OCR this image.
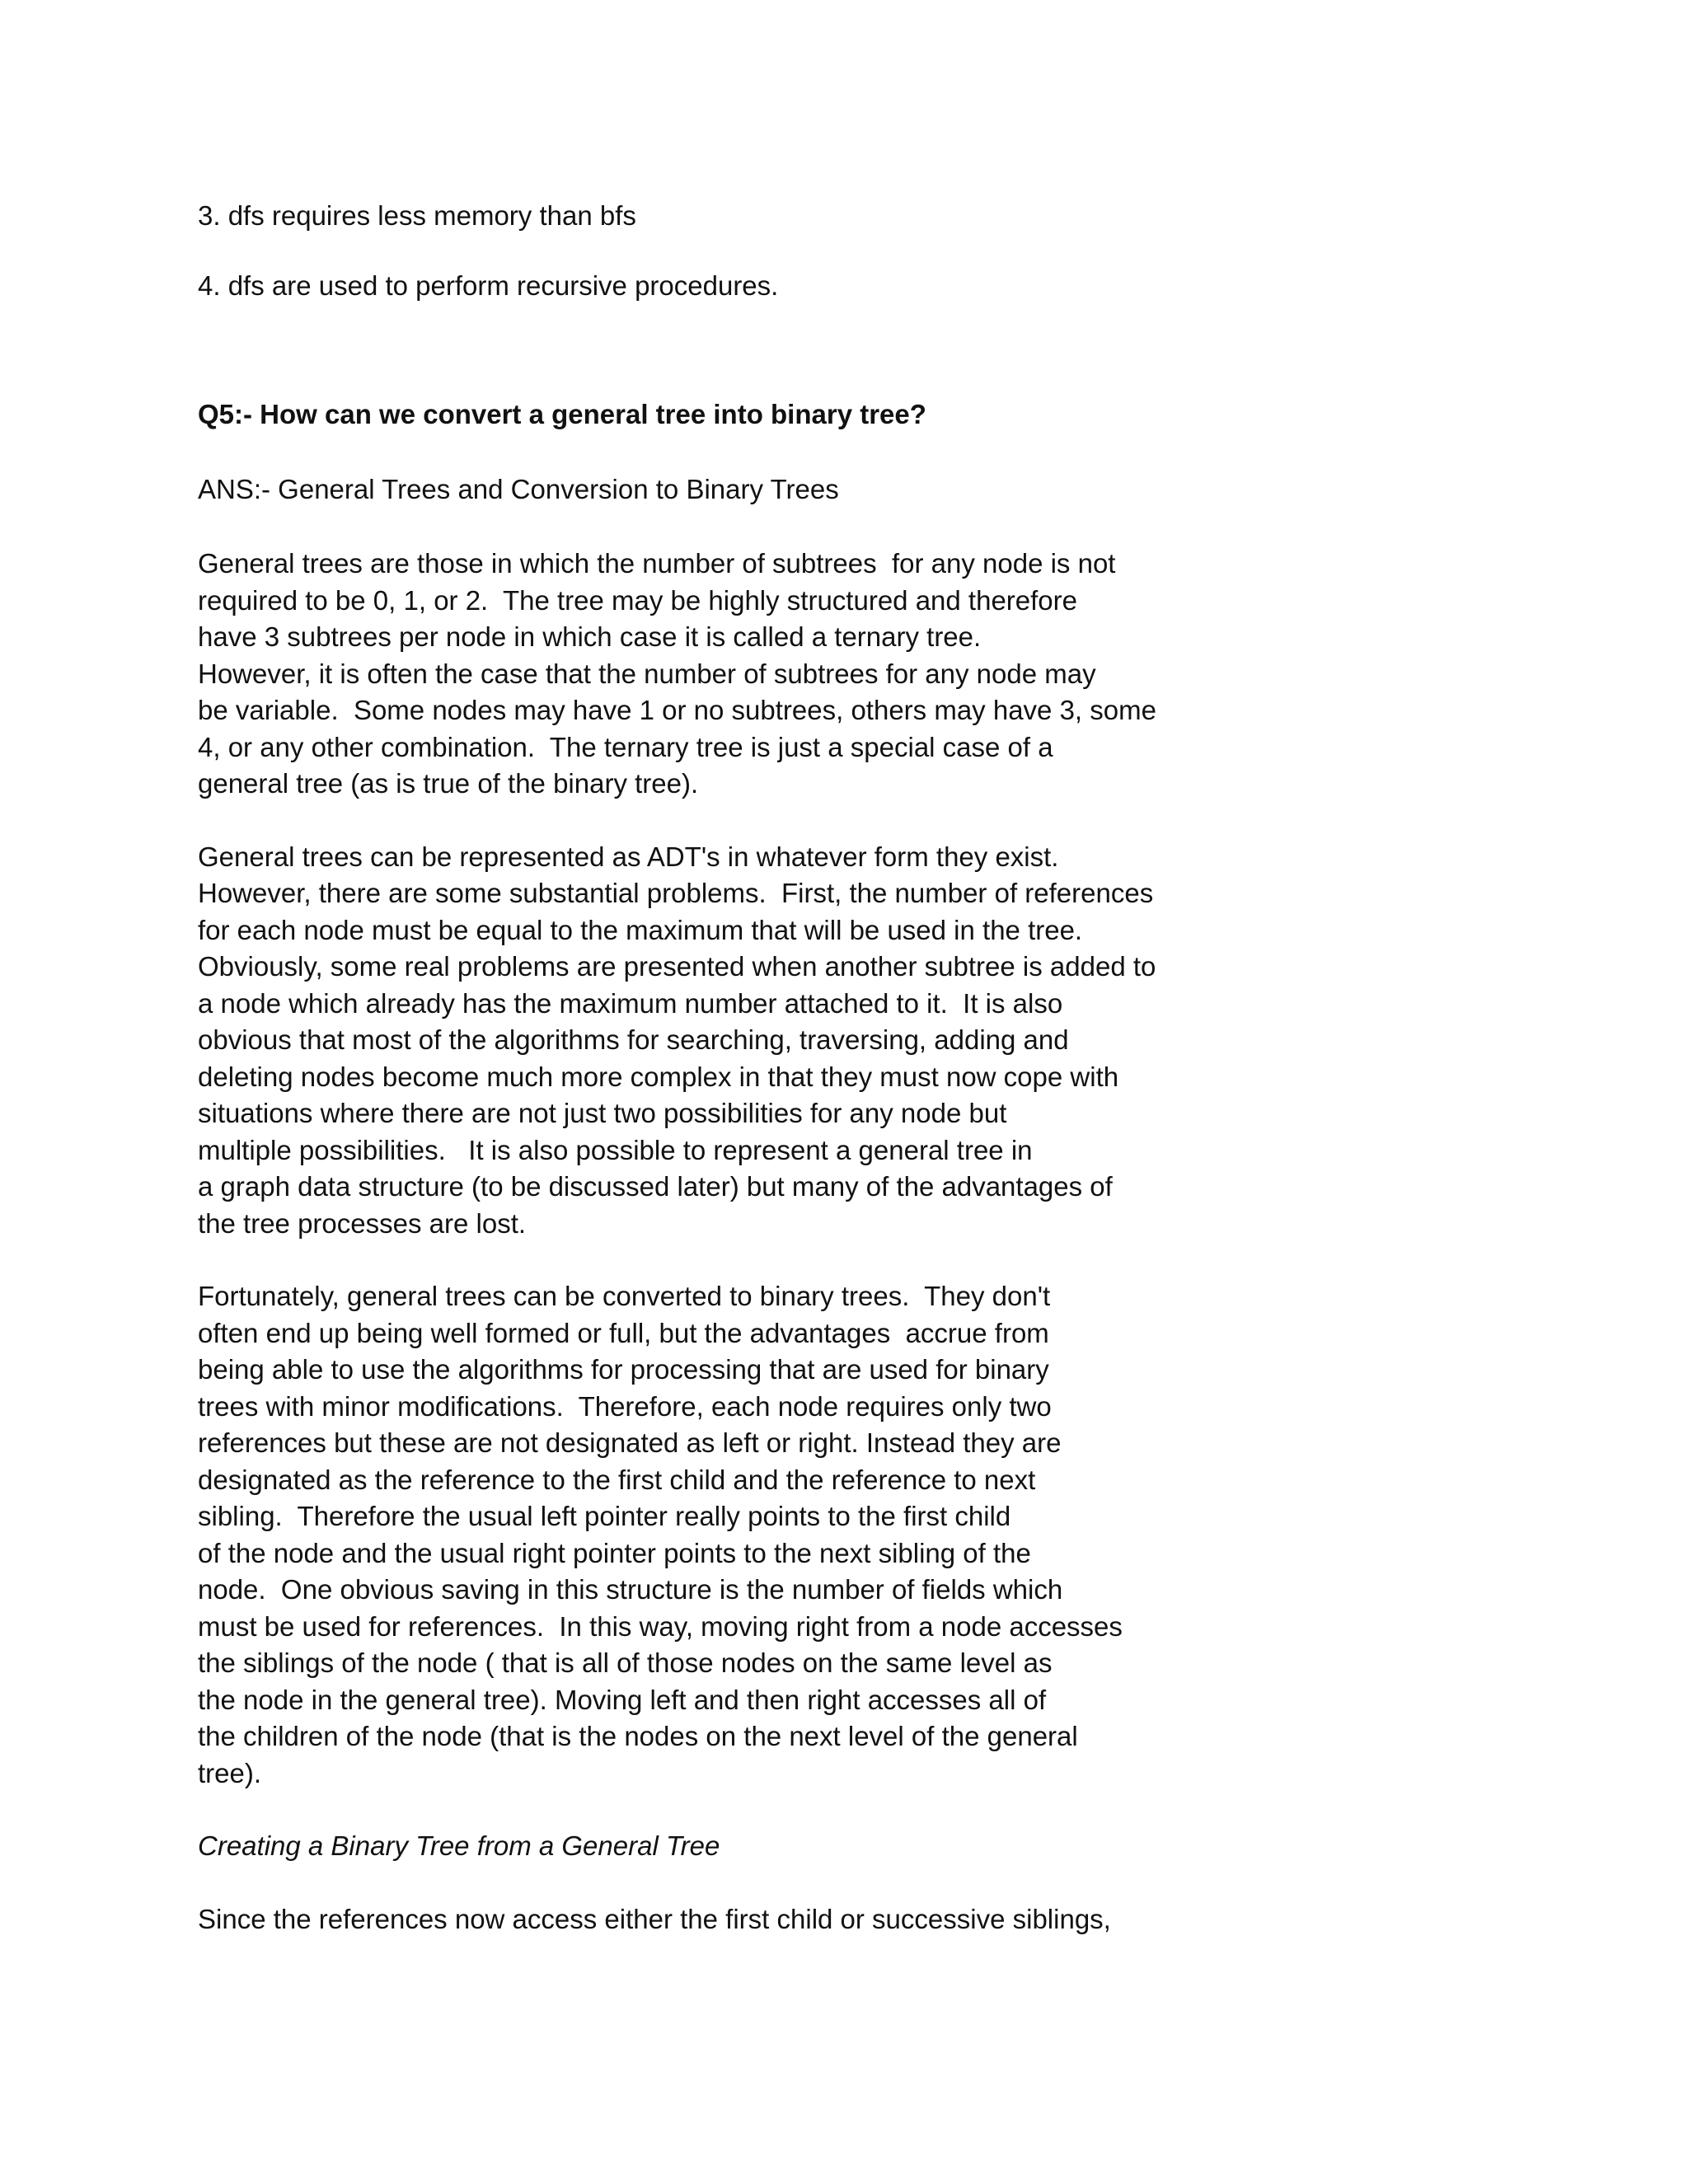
3. dfs requires less memory than bfs
4. dfs are used to perform recursive procedures.
Q5:- How can we convert a general tree into binary tree?
ANS:- General Trees and Conversion to Binary Trees
General trees are those in which the number of subtrees  for any node is not
required to be 0, 1, or 2.  The tree may be highly structured and therefore
have 3 subtrees per node in which case it is called a ternary tree.
However, it is often the case that the number of subtrees for any node may
be variable.  Some nodes may have 1 or no subtrees, others may have 3, some
4, or any other combination.  The ternary tree is just a special case of a
general tree (as is true of the binary tree).
General trees can be represented as ADT's in whatever form they exist.
However, there are some substantial problems.  First, the number of references
for each node must be equal to the maximum that will be used in the tree.
Obviously, some real problems are presented when another subtree is added to
a node which already has the maximum number attached to it.  It is also
obvious that most of the algorithms for searching, traversing, adding and
deleting nodes become much more complex in that they must now cope with
situations where there are not just two possibilities for any node but
multiple possibilities.   It is also possible to represent a general tree in
a graph data structure (to be discussed later) but many of the advantages of
the tree processes are lost.
Fortunately, general trees can be converted to binary trees.  They don't
often end up being well formed or full, but the advantages  accrue from
being able to use the algorithms for processing that are used for binary
trees with minor modifications.  Therefore, each node requires only two
references but these are not designated as left or right. Instead they are
designated as the reference to the first child and the reference to next
sibling.  Therefore the usual left pointer really points to the first child
of the node and the usual right pointer points to the next sibling of the
node.  One obvious saving in this structure is the number of fields which
must be used for references.  In this way, moving right from a node accesses
the siblings of the node ( that is all of those nodes on the same level as
the node in the general tree). Moving left and then right accesses all of
the children of the node (that is the nodes on the next level of the general
tree).
Creating a Binary Tree from a General Tree
Since the references now access either the first child or successive siblings,
